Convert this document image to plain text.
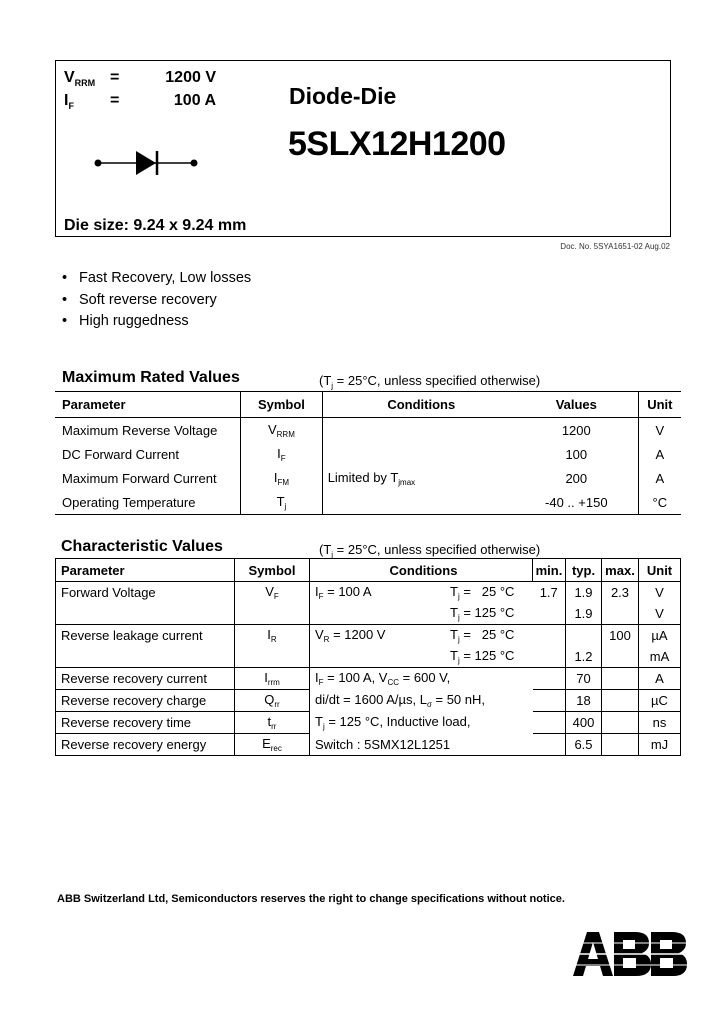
$V_{RRM}$ =	1200 V
$I_F$ =	100 A	Diode-Die
5SLX12H1200
Die size: 9.24 x 9.24 mm
Doc. No. 5SYA1651-02 Aug.02
• Fast Recovery, Low losses
• Soft reverse recovery
• High ruggedness
Maximum Rated Values	($T_j = 25^\circ C$, unless specified otherwise)
Parameter	Symbol	Conditions	Values	Unit
Maximum Reverse Voltage	$V_{RRM}$		1200	V
DC Forward Current	$I_F$		100	A
Maximum Forward Current	$I_{FM}$	Limited by $T_{jmax}$	200	A
Operating Temperature	$T_j$		-40 .. +150	°C
Characteristic Values	($T_j = 25^\circ C$, unless specified otherwise)
Parameter	Symbol	Conditions	min.	typ.	max.	Unit
Forward Voltage	$V_F$	$I_F = 100$ A $T_j = 25$ °C	1.7	1.9	2.3	V
		$T_j = 125$ °C		1.9		V
Reverse leakage current	$I_R$	$V_R = 1200$ V $T_j = 25$ °C			100	µA
		$T_j = 125$ °C		1.2		mA
Reverse recovery current	$I_{rrm}$	$I_F = 100$ A, $V_{CC} = 600$ V,		70		A
Reverse recovery charge	$Q_{rr}$	di/dt = 1600 A/µs, $L_\sigma = 50$ nH,		18		µC
Reverse recovery time	$t_{rr}$	$T_j = 125$ °C, Inductive load,		400		ns
Reverse recovery energy	$E_{rec}$	Switch : 5SMX12L1251		6.5		mJ
ABB Switzerland Ltd, Semiconductors reserves the right to change specifications without notice.
